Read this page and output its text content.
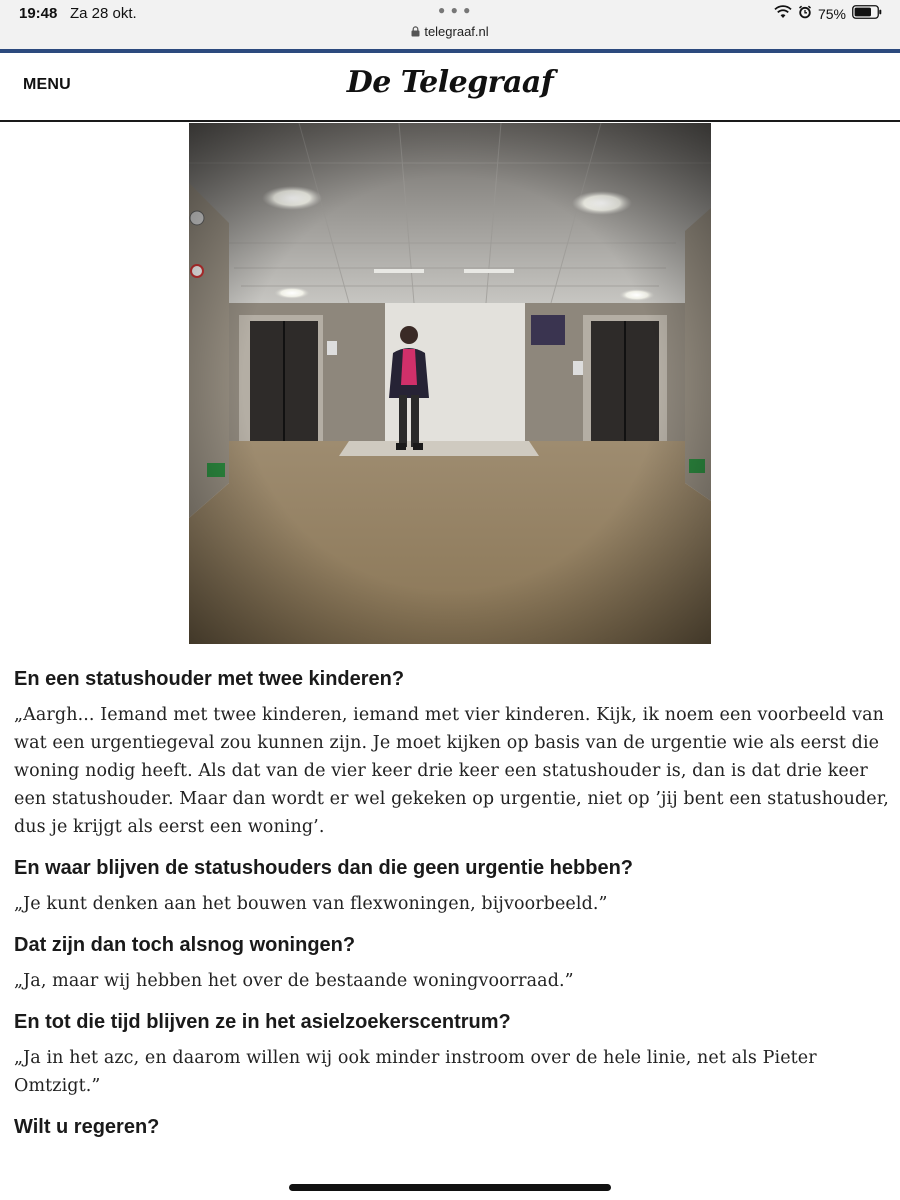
19:48 Za 28 okt.	● ● ●
telegraaf.nl
75%
MENU	De Telegraaf
En een statushouder met twee kinderen?

„Aargh... Iemand met twee kinderen, iemand met vier kinderen. Kijk, ik noem een voorbeeld van wat een urgentiegeval zou kunnen zijn. Je moet kijken op basis van de urgentie wie als eerst die woning nodig heeft. Als dat van de vier keer drie keer een statushouder is, dan is dat drie keer een statushouder. Maar dan wordt er wel gekeken op urgentie, niet op ’jij bent een statushouder, dus je krijgt als eerst een woning’.

En waar blijven de statushouders dan die geen urgentie hebben?

„Je kunt denken aan het bouwen van flexwoningen, bijvoorbeeld.”

Dat zijn dan toch alsnog woningen?

„Ja, maar wij hebben het over de bestaande woningvoorraad.”

En tot die tijd blijven ze in het asielzoekerscentrum?

„Ja in het azc, en daarom willen wij ook minder instroom over de hele linie, net als Pieter Omtzigt.”

Wilt u regeren?
